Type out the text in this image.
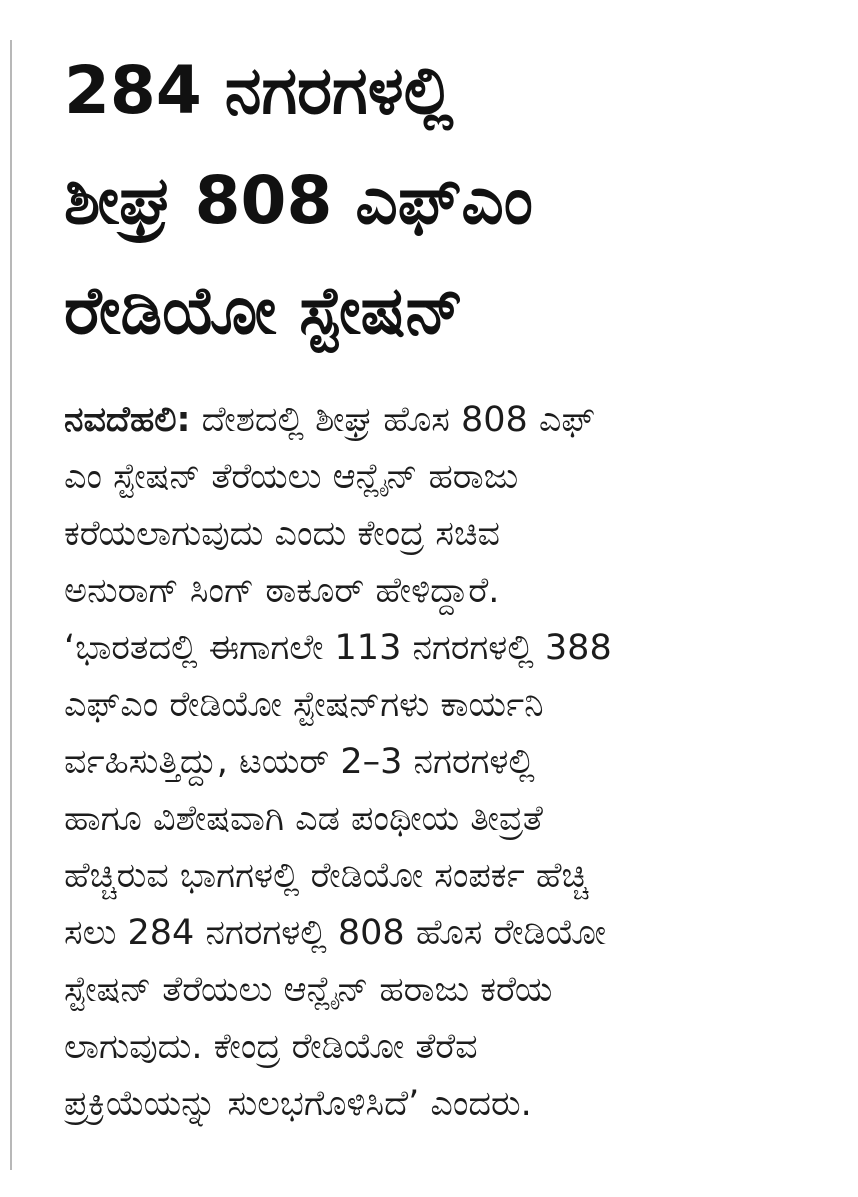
284 ನಗರಗಳಲ್ಲಿ
ಶೀಘ್ರ 808 ಎಫ್‌ಎಂ
ರೇಡಿಯೋ ಸ್ಟೇಷನ್
ನವದೆಹಲಿ: ದೇಶದಲ್ಲಿ ಶೀಘ್ರ ಹೊಸ 808 ಎಫ್
ಎಂ ಸ್ಟೇಷನ್ ತೆರೆಯಲು ಆನ್ಲೈನ್ ಹರಾಜು
ಕರೆಯಲಾಗುವುದು ಎಂದು ಕೇಂದ್ರ ಸಚಿವ
ಅನುರಾಗ್ ಸಿಂಗ್ ಠಾಕೂರ್ ಹೇಳಿದ್ದಾರೆ.
‘ಭಾರತದಲ್ಲಿ ಈಗಾಗಲೇ 113 ನಗರಗಳಲ್ಲಿ 388
ಎಫ್‌ಎಂ ರೇಡಿಯೋ ಸ್ಟೇಷನ್‌ಗಳು ಕಾರ್ಯನಿ
ರ್ವಹಿಸುತ್ತಿದ್ದು, ಟಯರ್ 2–3 ನಗರಗಳಲ್ಲಿ
ಹಾಗೂ ವಿಶೇಷವಾಗಿ ಎಡ ಪಂಥೀಯ ತೀವ್ರತೆ
ಹೆಚ್ಚಿರುವ ಭಾಗಗಳಲ್ಲಿ ರೇಡಿಯೋ ಸಂಪರ್ಕ ಹೆಚ್ಚಿ
ಸಲು 284 ನಗರಗಳಲ್ಲಿ 808 ಹೊಸ ರೇಡಿಯೋ
ಸ್ಟೇಷನ್ ತೆರೆಯಲು ಆನ್ಲೈನ್ ಹರಾಜು ಕರೆಯ
ಲಾಗುವುದು. ಕೇಂದ್ರ ರೇಡಿಯೋ ತೆರೆವ
ಪ್ರಕ್ರಿಯೆಯನ್ನು ಸುಲಭಗೊಳಿಸಿದೆ’ ಎಂದರು.
